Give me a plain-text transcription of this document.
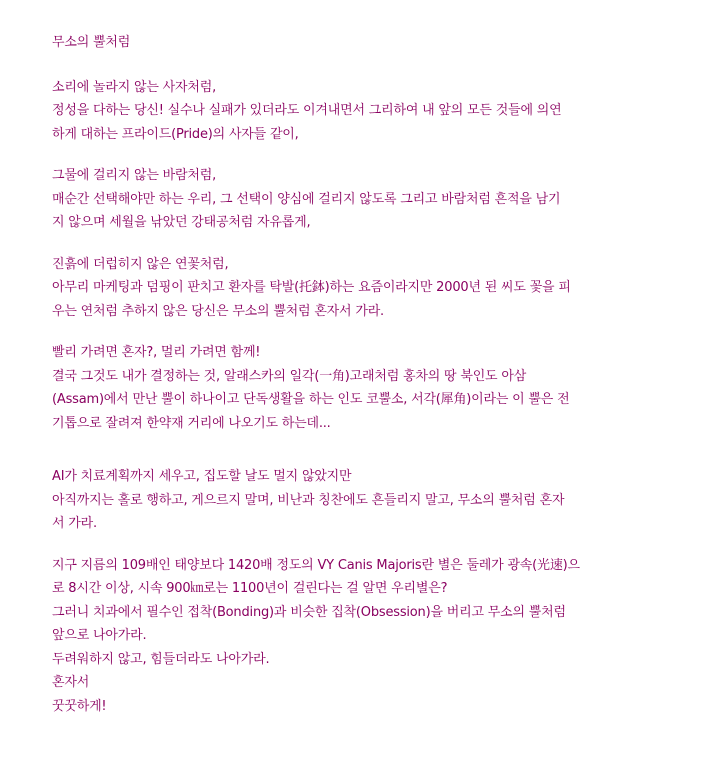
무소의 뿔처럼
소리에 놀라지 않는 사자처럼,
정성을 다하는 당신! 실수나 실패가 있더라도 이겨내면서 그리하여 내 앞의 모든 것들에 의연
하게 대하는 프라이드(Pride)의 사자들 같이,
그물에 걸리지 않는 바람처럼,
매순간 선택해야만 하는 우리, 그 선택이 양심에 걸리지 않도록 그리고 바람처럼 흔적을 남기
지 않으며 세월을 낚았던 강태공처럼 자유롭게,
진흙에 더럽히지 않은 연꽃처럼,
아무리 마케팅과 덤핑이 판치고 환자를 탁발(托鉢)하는 요즘이라지만 2000년 된 씨도 꽃을 피
우는 연처럼 추하지 않은 당신은 무소의 뿔처럼 혼자서 가라.
빨리 가려면 혼자?, 멀리 가려면 함께!
결국 그것도 내가 결정하는 것, 알래스카의 일각(一角)고래처럼 홍차의 땅 북인도 아삼
(Assam)에서 만난 뿔이 하나이고 단독생활을 하는 인도 코뿔소, 서각(犀角)이라는 이 뿔은 전
기톱으로 잘려져 한약재 거리에 나오기도 하는데...
AI가 치료계획까지 세우고, 집도할 날도 멀지 않았지만
아직까지는 홀로 행하고, 게으르지 말며, 비난과 칭찬에도 흔들리지 말고, 무소의 뿔처럼 혼자
서 가라.
지구 지름의 109배인 태양보다 1420배 정도의 VY Canis Majoris란 별은 둘레가 광속(光速)으
로 8시간 이상, 시속 900㎞로는 1100년이 걸린다는 걸 알면 우리별은?
그러니 치과에서 필수인 접착(Bonding)과 비슷한 집착(Obsession)을 버리고 무소의 뿔처럼
앞으로 나아가라.
두려워하지 않고, 힘들더라도 나아가라.
혼자서
꿋꿋하게!
